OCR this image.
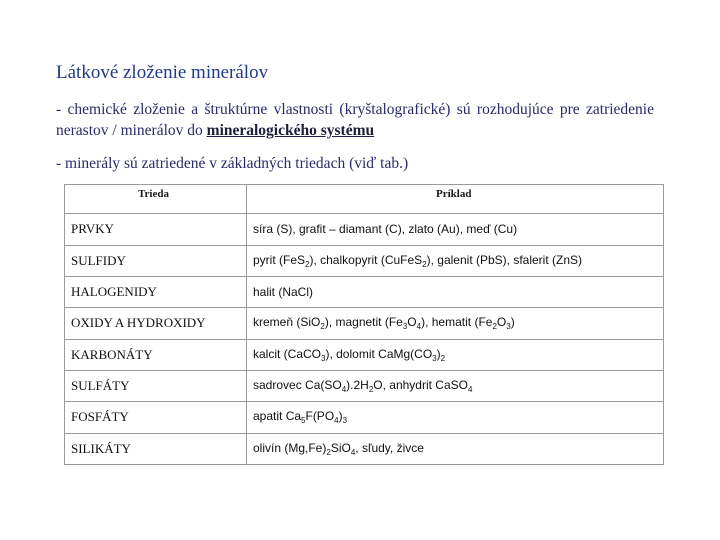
Látkové zloženie minerálov
- chemické zloženie a štruktúrne vlastnosti (kryštalografické) sú rozhodujúce pre zatriedenie nerastov / minerálov do mineralogického systému
- minerály sú zatriedené v základných triedach (viď tab.)
Trieda	Príklad

PRVKY	síra (S), grafit – diamant (C), zlato (Au), meď (Cu)
SULFIDY	pyrit (FeS$_2$), chalkopyrit (CuFeS$_2$), galenit (PbS), sfalerit (ZnS)
HALOGENIDY	halit (NaCl)
OXIDY A HYDROXIDY	kremeň (SiO$_2$), magnetit $(Fe_3O_4)$, hematit $(Fe_2O_3)$
KARBONÁTY	kalcit (CaCO$_3$), dolomit $CaMg(CO_3)_2$
SULFÁTY	sadrovec $Ca(SO_4).2H_2O$, anhydrit CaSO$_4$
FOSFÁTY	apatit $Ca_5F(PO_4)_3$
SILIKÁTY	olivín $(Mg,Fe)_2SiO_4$, sľudy, živce
